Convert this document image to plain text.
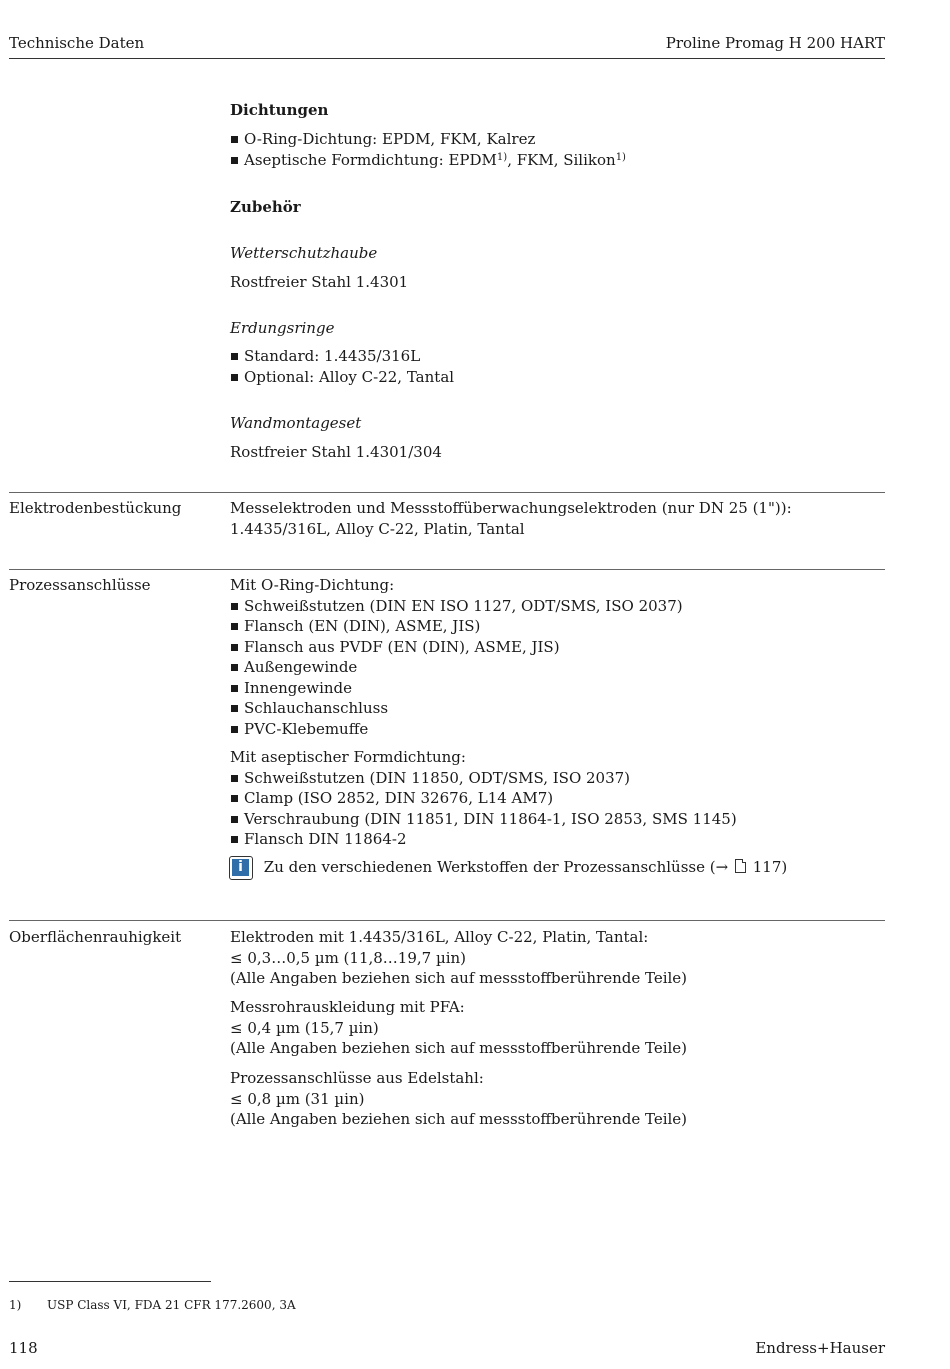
Technische Daten	Proline Promag H 200 HART
Dichtungen
O-Ring-Dichtung: EPDM, FKM, Kalrez
Aseptische Formdichtung: EPDM$^{1)}$, FKM, Silikon$^{1)}$
Zubehör
Wetterschutzhaube
Rostfreier Stahl 1.4301
Erdungsringe
Standard: 1.4435/316L
Optional: Alloy C-22, Tantal
Wandmontageset
Rostfreier Stahl 1.4301/304
Elektrodenbestückung	Messelektroden und Messstoffüberwachungselektroden (nur DN 25 (1")):
1.4435/316L, Alloy C-22, Platin, Tantal
Prozessanschlüsse	Mit O-Ring-Dichtung:
Schweißstutzen (DIN EN ISO 1127, ODT/SMS, ISO 2037)
Flansch (EN (DIN), ASME, JIS)
Flansch aus PVDF (EN (DIN), ASME, JIS)
Außengewinde
Innengewinde
Schlauchanschluss
PVC-Klebemuffe
Mit aseptischer Formdichtung:
Schweißstutzen (DIN 11850, ODT/SMS, ISO 2037)
Clamp (ISO 2852, DIN 32676, L14 AM7)
Verschraubung (DIN 11851, DIN 11864-1, ISO 2853, SMS 1145)
Flansch DIN 11864-2
i	Zu den verschiedenen Werkstoffen der Prozessanschlüsse (→ 117)
Oberflächenrauhigkeit	Elektroden mit 1.4435/316L, Alloy C-22, Platin, Tantal:
≤ 0,3…0,5 µm (11,8…19,7 µin)
(Alle Angaben beziehen sich auf messstoffberührende Teile)
Messrohrauskleidung mit PFA:
≤ 0,4 µm (15,7 µin)
(Alle Angaben beziehen sich auf messstoffberührende Teile)
Prozessanschlüsse aus Edelstahl:
≤ 0,8 µm (31 µin)
(Alle Angaben beziehen sich auf messstoffberührende Teile)
1) USP Class VI, FDA 21 CFR 177.2600, 3A
118	Endress+Hauser
